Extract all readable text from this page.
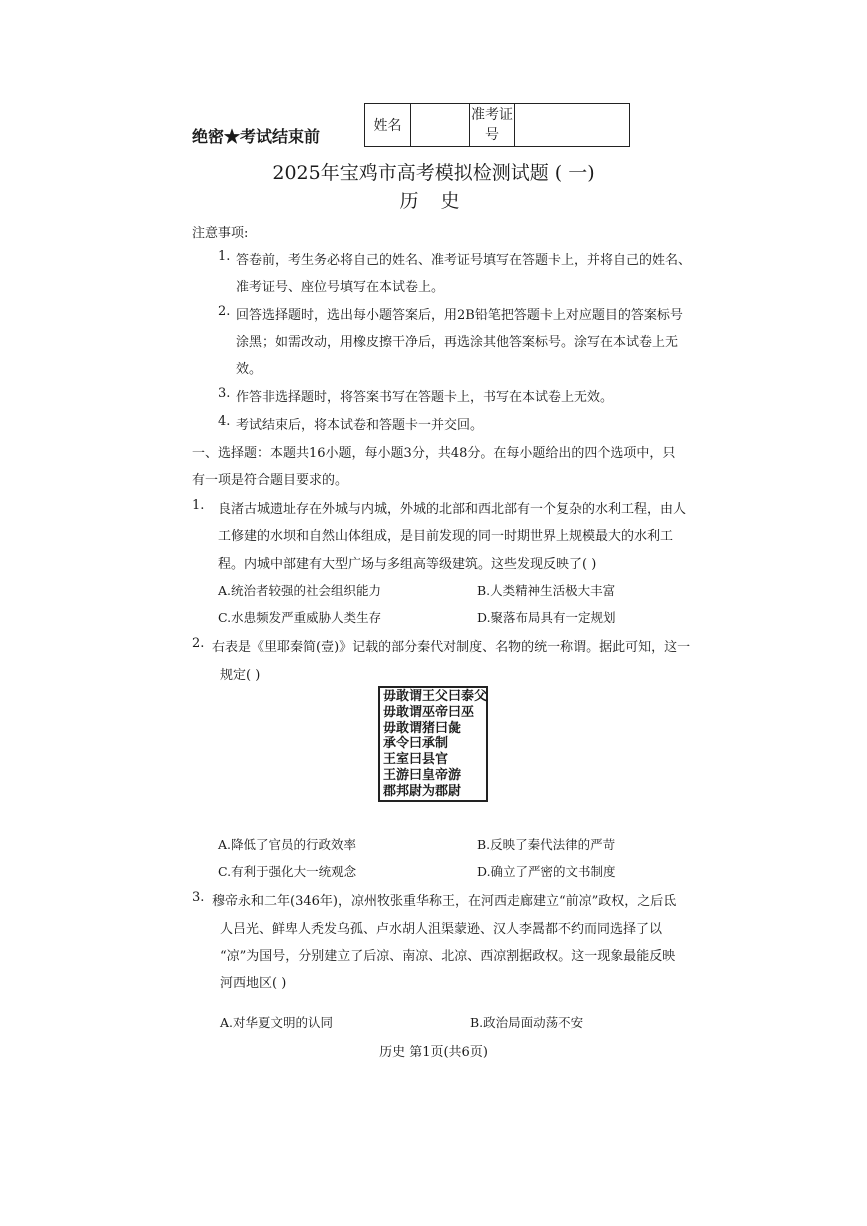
绝密★考试结束前
姓名		准考证号	
2025年宝鸡市高考模拟检测试题 ( 一)
历 史
注意事项:
1. 答卷前，考生务必将自己的姓名、准考证号填写在答题卡上，并将自己的姓名、
准考证号、座位号填写在本试卷上。
2. 回答选择题时，选出每小题答案后，用2B铅笔把答题卡上对应题目的答案标号
涂黑；如需改动，用橡皮擦干净后，再选涂其他答案标号。涂写在本试卷上无
效。
3. 作答非选择题时，将答案书写在答题卡上，书写在本试卷上无效。
4. 考试结束后，将本试卷和答题卡一并交回。
一、选择题：本题共16小题，每小题3分，共48分。在每小题给出的四个选项中，只
有一项是符合题目要求的。
1. 良渚古城遗址存在外城与内城，外城的北部和西北部有一个复杂的水利工程，由人
工修建的水坝和自然山体组成，是目前发现的同一时期世界上规模最大的水利工
程。内城中部建有大型广场与多组高等级建筑。这些发现反映了( )
A.统治者较强的社会组织能力	B.人类精神生活极大丰富
C.水患频发严重威胁人类生存	D.聚落布局具有一定规划
2. 右表是《里耶秦简(壹)》记载的部分秦代对制度、名物的统一称谓。据此可知，这一
规定( )
毋敢谓王父曰泰父
毋敢谓巫帝曰巫
毋敢谓猪曰彘
承令曰承制
王室曰县官
王游曰皇帝游
郡邦尉为郡尉
A.降低了官员的行政效率	B.反映了秦代法律的严苛
C.有利于强化大一统观念	D.确立了严密的文书制度
3. 穆帝永和二年(346年)，凉州牧张重华称王，在河西走廊建立“前凉”政权，之后氐
人吕光、鲜卑人秃发乌孤、卢水胡人沮渠蒙逊、汉人李暠都不约而同选择了以
“凉”为国号，分别建立了后凉、南凉、北凉、西凉割据政权。这一现象最能反映
河西地区( )
A.对华夏文明的认同	B.政治局面动荡不安
历史 第1页(共6页)
